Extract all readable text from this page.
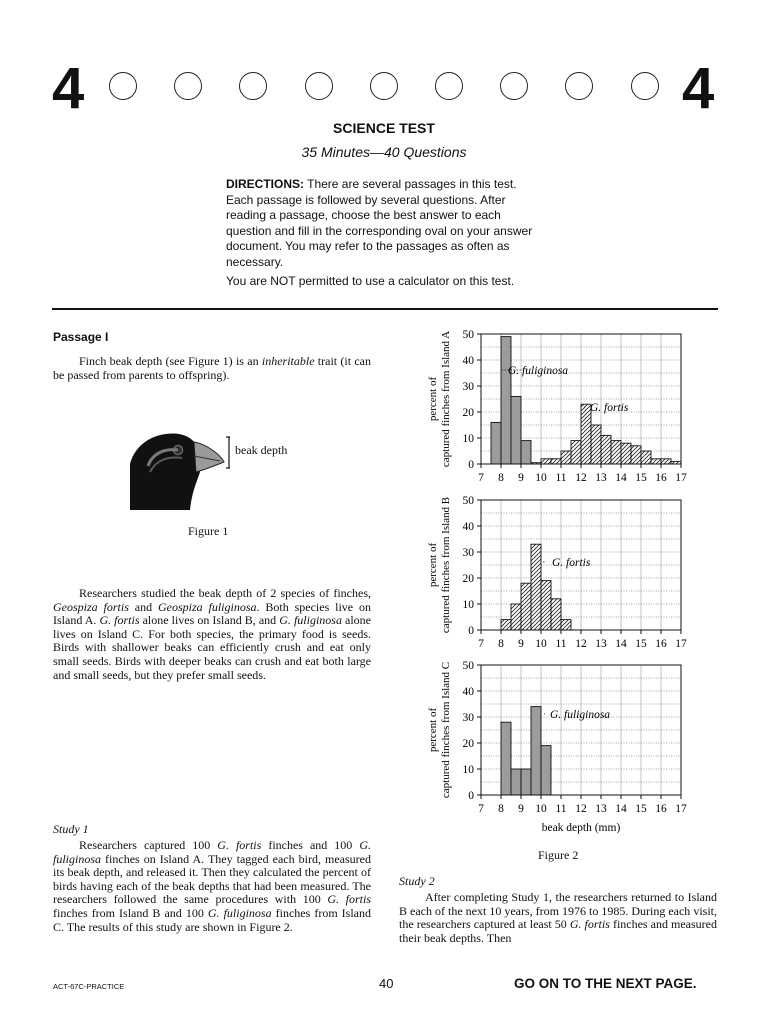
4	4
SCIENCE TEST
35 Minutes—40 Questions
DIRECTIONS: There are several passages in this test. Each passage is followed by several questions. After reading a passage, choose the best answer to each question and fill in the corresponding oval on your answer document. You may refer to the passages as often as necessary.
You are NOT permitted to use a calculator on this test.
Passage I
Finch beak depth (see Figure 1) is an inheritable trait (it can be passed from parents to offspring).
beak depth
Figure 1
Researchers studied the beak depth of 2 species of finches, Geospiza fortis and Geospiza fuliginosa. Both species live on Island A. G. fortis alone lives on Island B, and G. fuliginosa alone lives on Island C. For both species, the primary food is seeds. Birds with shallower beaks can efficiently crush and eat only small seeds. Birds with deeper beaks can crush and eat both large and small seeds, but they prefer small seeds.
Study 1
Researchers captured 100 G. fortis finches and 100 G. fuliginosa finches on Island A. They tagged each bird, measured its beak depth, and released it. Then they calculated the percent of birds having each of the beak depths that had been measured. The researchers followed the same procedures with 100 G. fortis finches from Island B and 100 G. fuliginosa finches from Island C. The results of this study are shown in Figure 2.
0
10
20
30
40
50
7 8 9 10 11 12 13 14 15 16 17
percent of captured finches from Island A	G. fuliginosa
G. fortis
0
10
20
30
40
50
7 8 9 10 11 12 13 14 15 16 17
percent of captured finches from Island B	G. fortis
0
10
20
30
40
50
7 8 9 10 11 12 13 14 15 16 17
percent of captured finches from Island C	G. fuliginosa
beak depth (mm)
Figure 2
Study 2
After completing Study 1, the researchers returned to Island B each of the next 10 years, from 1976 to 1985. During each visit, the researchers captured at least 50 G. fortis finches and measured their beak depths. Then
ACT-67C-PRACTICE	40	GO ON TO THE NEXT PAGE.
